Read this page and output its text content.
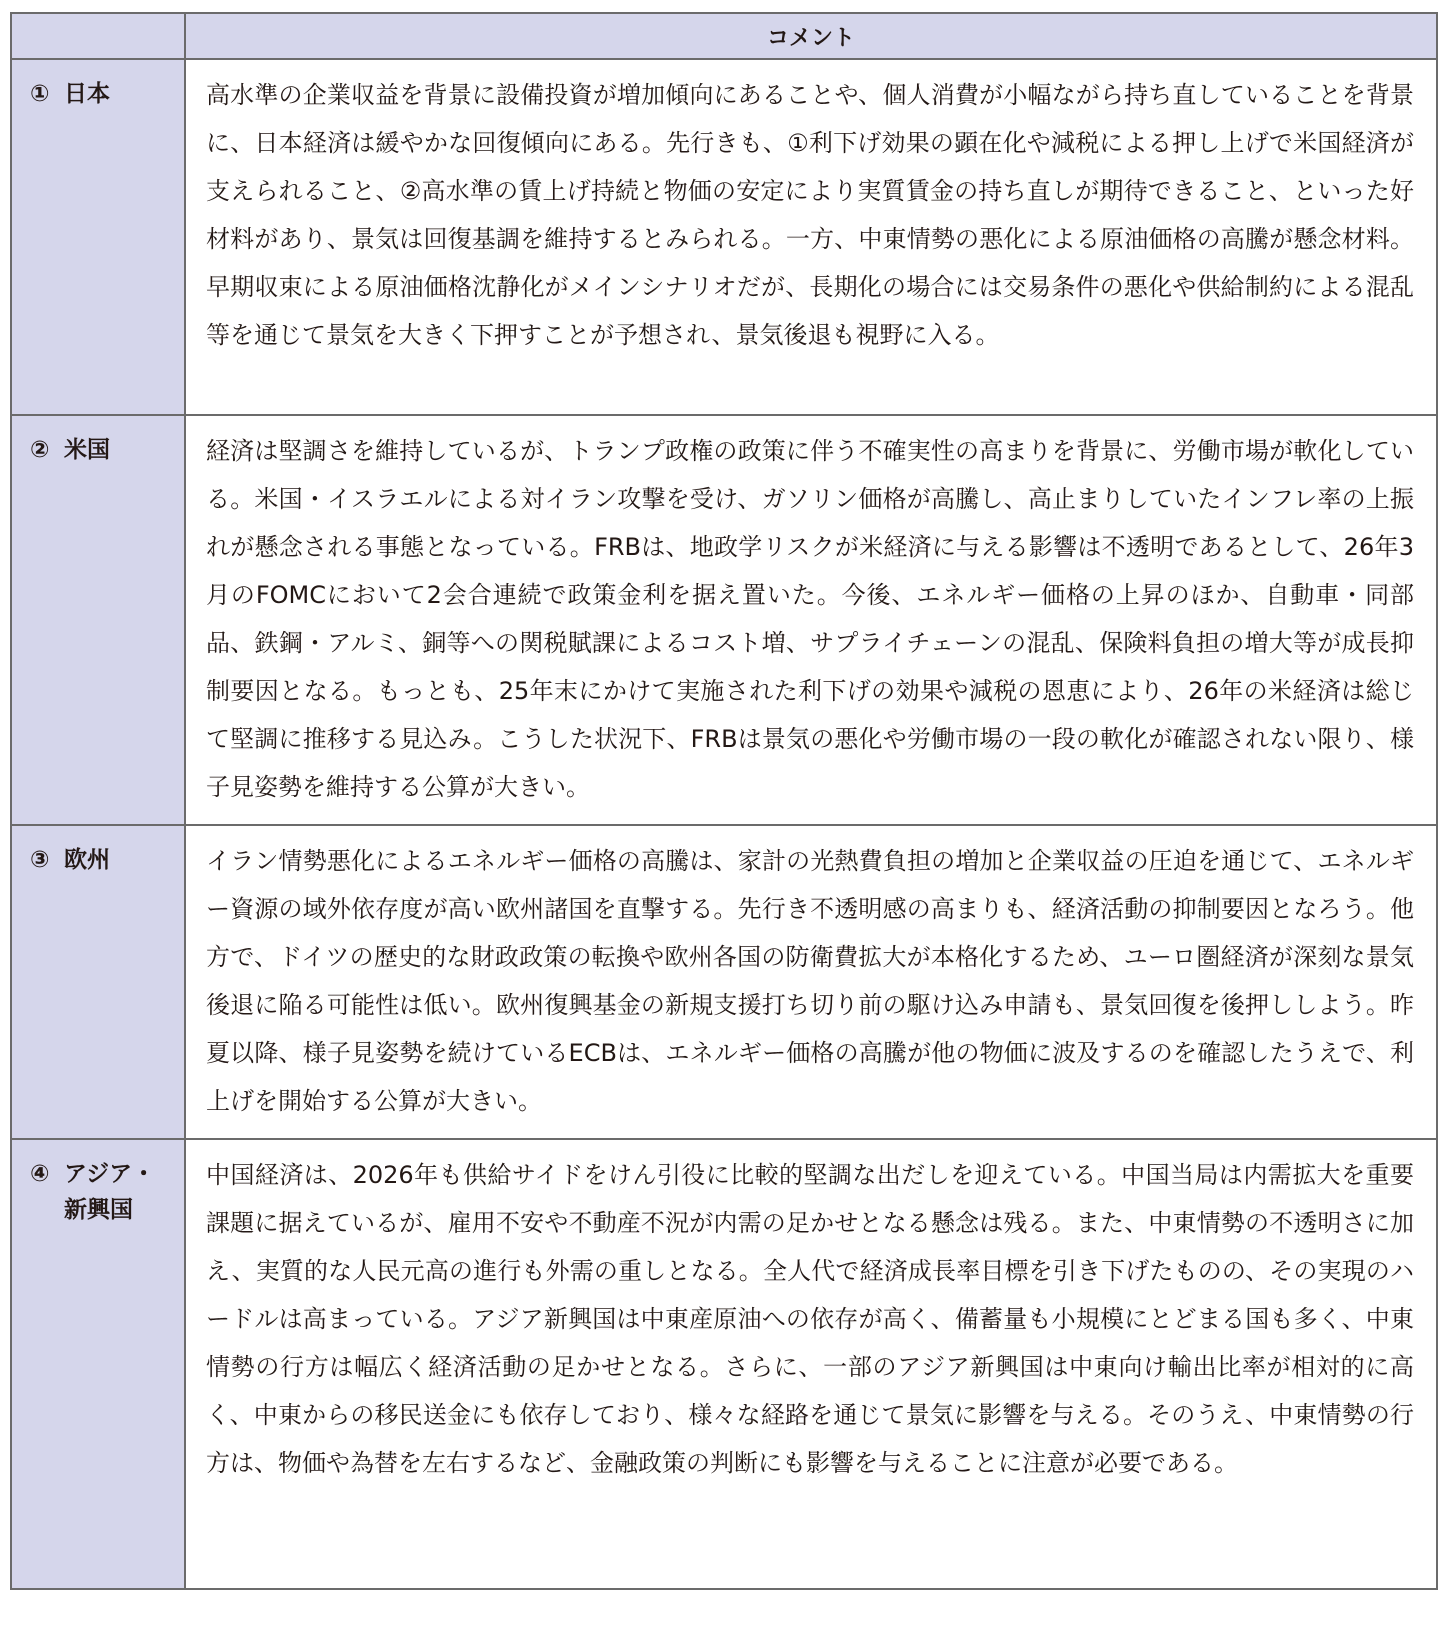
	コメント
① 日本	高水準の企業収益を背景に設備投資が増加傾向にあることや、個人消費が小幅ながら持ち直していることを背景に、日本経済は緩やかな回復傾向にある。先行きも、①利下げ効果の顕在化や減税による押し上げで米国経済が支えられること、②高水準の賃上げ持続と物価の安定により実質賃金の持ち直しが期待できること、といった好材料があり、景気は回復基調を維持するとみられる。一方、中東情勢の悪化による原油価格の高騰が懸念材料。早期収束による原油価格沈静化がメインシナリオだが、長期化の場合には交易条件の悪化や供給制約による混乱等を通じて景気を大きく下押すことが予想され、景気後退も視野に入る。
② 米国	経済は堅調さを維持しているが、トランプ政権の政策に伴う不確実性の高まりを背景に、労働市場が軟化している。米国・イスラエルによる対イラン攻撃を受け、ガソリン価格が高騰し、高止まりしていたインフレ率の上振れが懸念される事態となっている。FRBは、地政学リスクが米経済に与える影響は不透明であるとして、26年3月のFOMCにおいて2会合連続で政策金利を据え置いた。今後、エネルギー価格の上昇のほか、自動車・同部品、鉄鋼・アルミ、銅等への関税賦課によるコスト増、サプライチェーンの混乱、保険料負担の増大等が成長抑制要因となる。もっとも、25年末にかけて実施された利下げの効果や減税の恩恵により、26年の米経済は総じて堅調に推移する見込み。こうした状況下、FRBは景気の悪化や労働市場の一段の軟化が確認されない限り、様子見姿勢を維持する公算が大きい。
③ 欧州	イラン情勢悪化によるエネルギー価格の高騰は、家計の光熱費負担の増加と企業収益の圧迫を通じて、エネルギー資源の域外依存度が高い欧州諸国を直撃する。先行き不透明感の高まりも、経済活動の抑制要因となろう。他方で、ドイツの歴史的な財政政策の転換や欧州各国の防衛費拡大が本格化するため、ユーロ圏経済が深刻な景気後退に陥る可能性は低い。欧州復興基金の新規支援打ち切り前の駆け込み申請も、景気回復を後押ししよう。昨夏以降、様子見姿勢を続けているECBは、エネルギー価格の高騰が他の物価に波及するのを確認したうえで、利上げを開始する公算が大きい。
④ アジア・
新興国	中国経済は、2026年も供給サイドをけん引役に比較的堅調な出だしを迎えている。中国当局は内需拡大を重要課題に据えているが、雇用不安や不動産不況が内需の足かせとなる懸念は残る。また、中東情勢の不透明さに加え、実質的な人民元高の進行も外需の重しとなる。全人代で経済成長率目標を引き下げたものの、その実現のハードルは高まっている。アジア新興国は中東産原油への依存が高く、備蓄量も小規模にとどまる国も多く、中東情勢の行方は幅広く経済活動の足かせとなる。さらに、一部のアジア新興国は中東向け輸出比率が相対的に高く、中東からの移民送金にも依存しており、様々な経路を通じて景気に影響を与える。そのうえ、中東情勢の行方は、物価や為替を左右するなど、金融政策の判断にも影響を与えることに注意が必要である。
